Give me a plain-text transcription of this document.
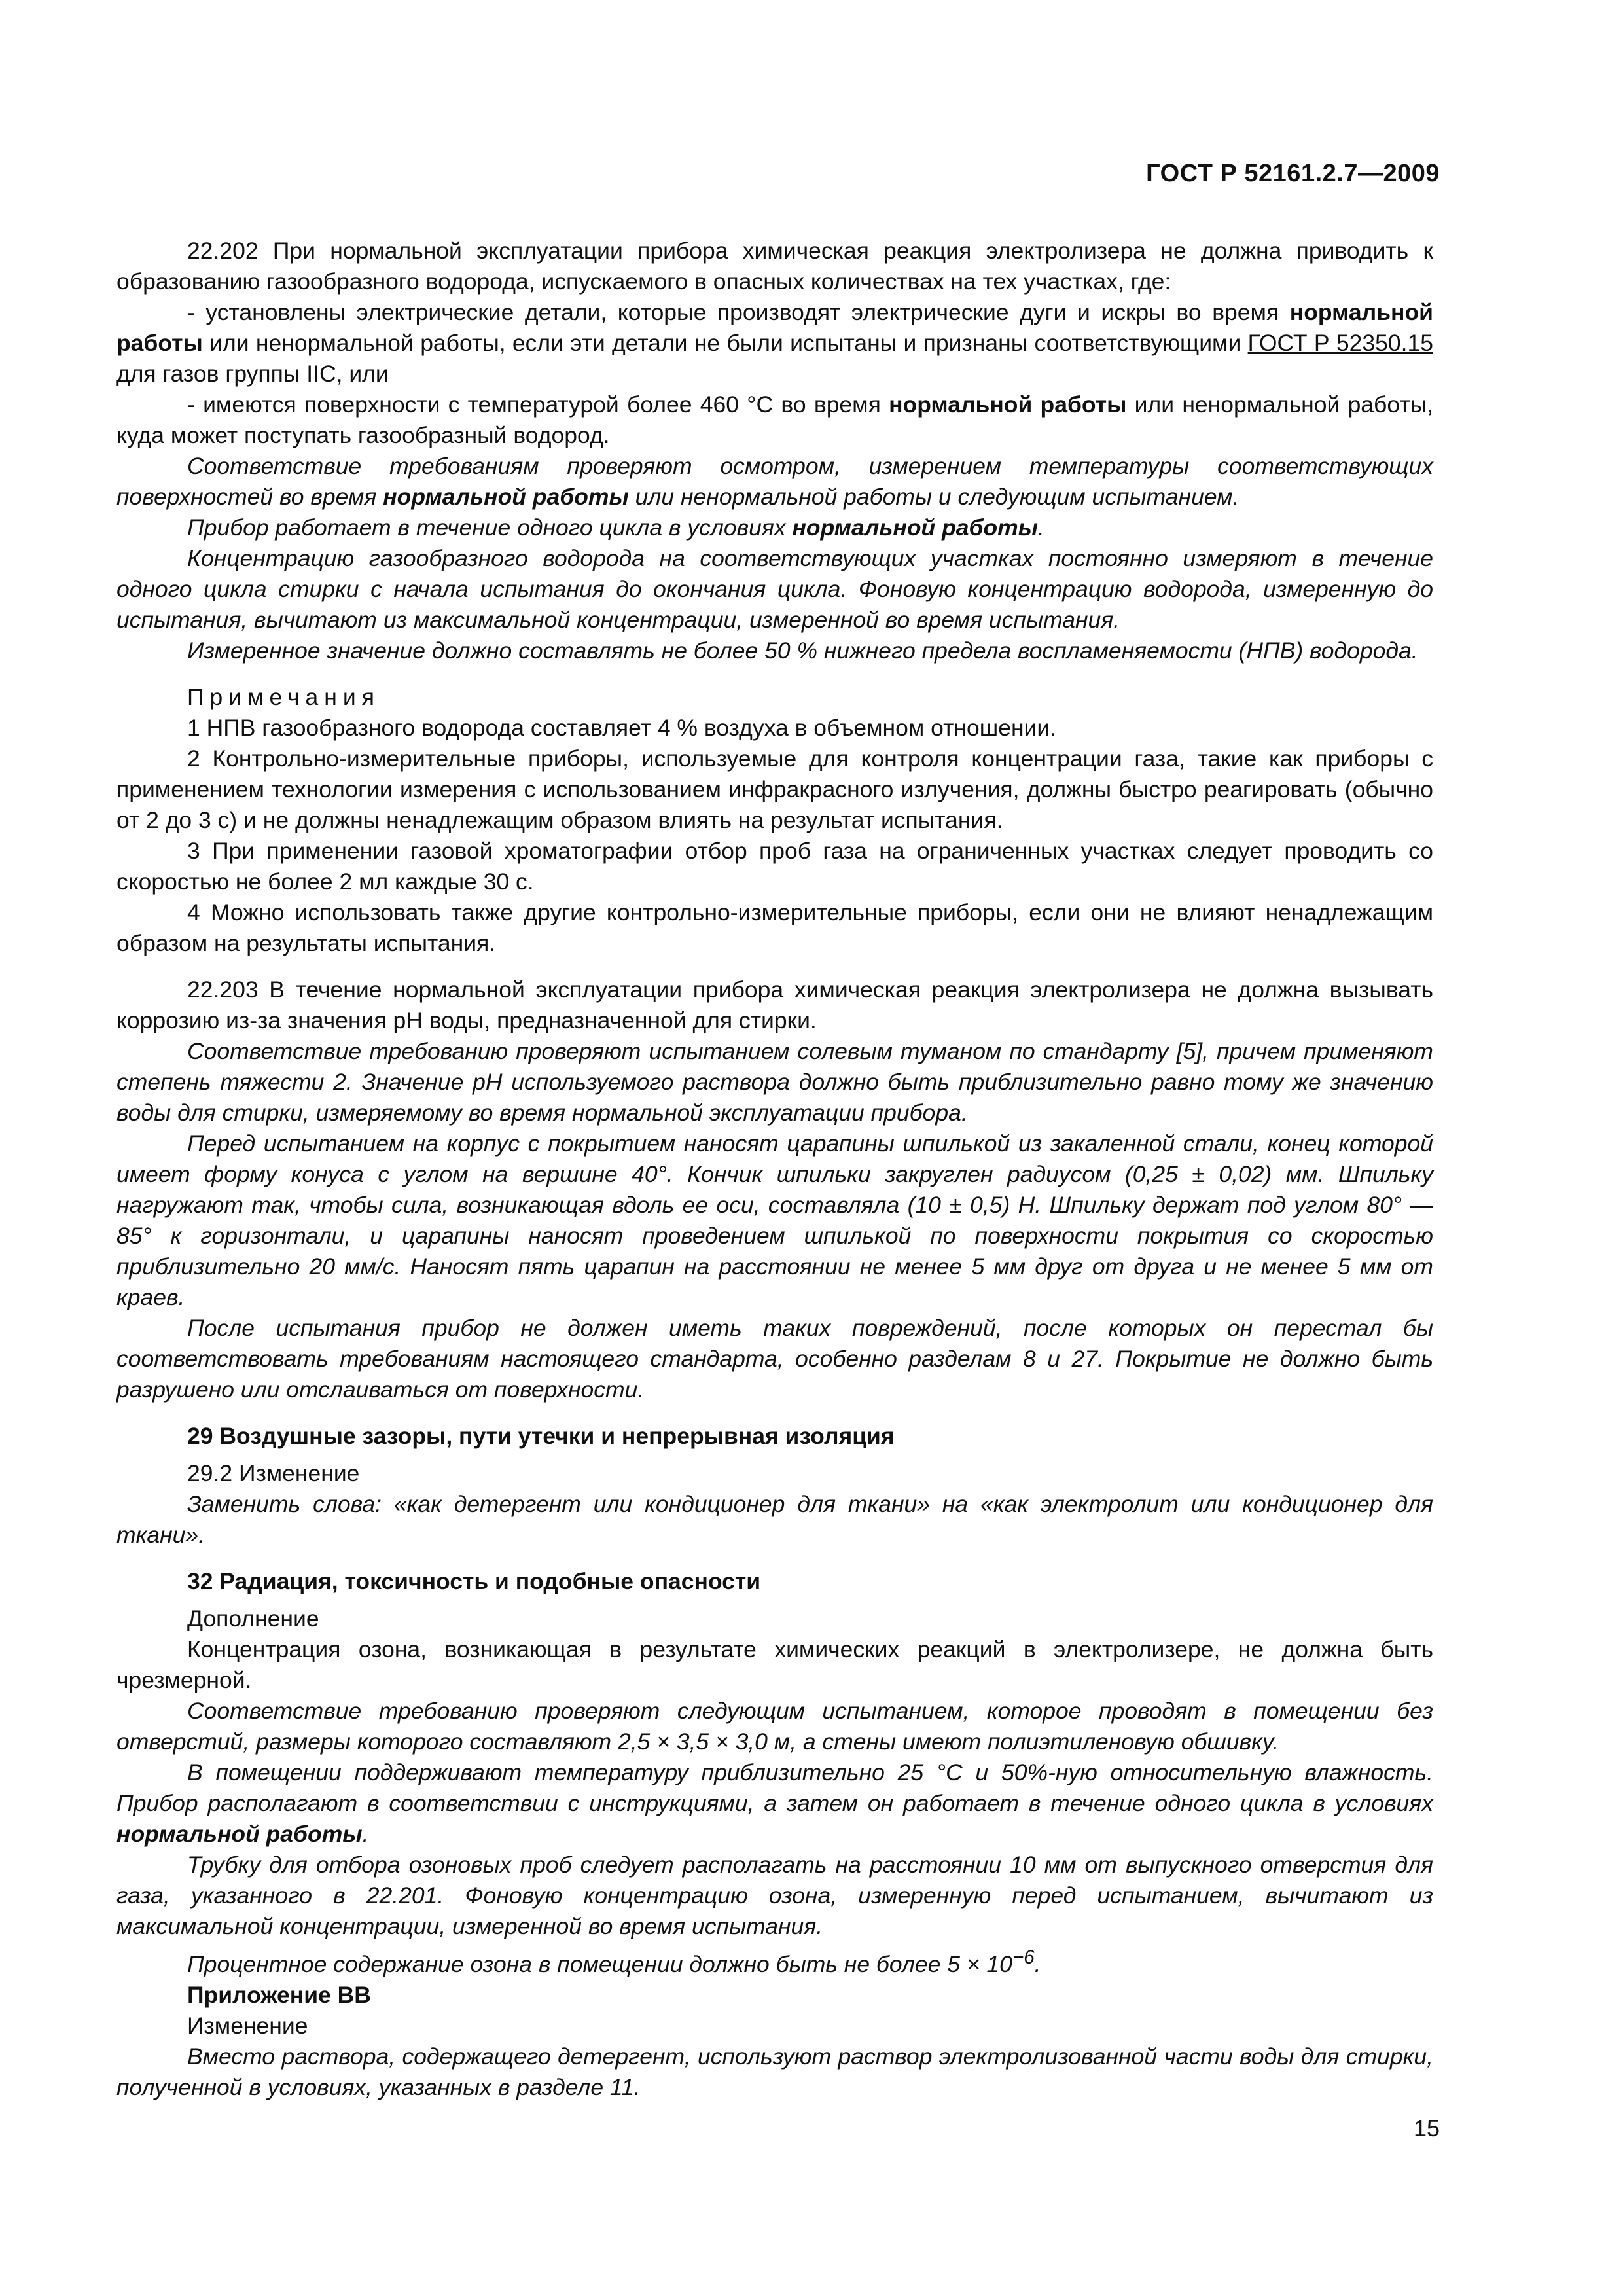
ГОСТ Р 52161.2.7—2009

22.202 При нормальной эксплуатации прибора химическая реакция электролизера не должна приводить к образованию газообразного водорода, испускаемого в опасных количествах на тех участках, где:

- установлены электрические детали, которые производят электрические дуги и искры во время нормальной работы или ненормальной работы, если эти детали не были испытаны и признаны соответствующими ГОСТ Р 52350.15 для газов группы IIC, или

- имеются поверхности с температурой более 460 °C во время нормальной работы или ненормальной работы, куда может поступать газообразный водород.

Соответствие требованиям проверяют осмотром, измерением температуры соответствующих поверхностей во время нормальной работы или ненормальной работы и следующим испытанием.

Прибор работает в течение одного цикла в условиях нормальной работы.

Концентрацию газообразного водорода на соответствующих участках постоянно измеряют в течение одного цикла стирки с начала испытания до окончания цикла. Фоновую концентрацию водорода, измеренную до испытания, вычитают из максимальной концентрации, измеренной во время испытания.

Измеренное значение должно составлять не более 50 % нижнего предела воспламеняемости (НПВ) водорода.

Примечания

1 НПВ газообразного водорода составляет 4 % воздуха в объемном отношении.

2 Контрольно-измерительные приборы, используемые для контроля концентрации газа, такие как приборы с применением технологии измерения с использованием инфракрасного излучения, должны быстро реагировать (обычно от 2 до 3 с) и не должны ненадлежащим образом влиять на результат испытания.

3 При применении газовой хроматографии отбор проб газа на ограниченных участках следует проводить со скоростью не более 2 мл каждые 30 с.

4 Можно использовать также другие контрольно-измерительные приборы, если они не влияют ненадлежащим образом на результаты испытания.

22.203 В течение нормальной эксплуатации прибора химическая реакция электролизера не должна вызывать коррозию из-за значения pH воды, предназначенной для стирки.

Соответствие требованию проверяют испытанием солевым туманом по стандарту [5], причем применяют степень тяжести 2. Значение pH используемого раствора должно быть приблизительно равно тому же значению воды для стирки, измеряемому во время нормальной эксплуатации прибора.

Перед испытанием на корпус с покрытием наносят царапины шпилькой из закаленной стали, конец которой имеет форму конуса с углом на вершине 40°. Кончик шпильки закруглен радиусом (0,25 ± 0,02) мм. Шпильку нагружают так, чтобы сила, возникающая вдоль ее оси, составляла (10 ± 0,5) Н. Шпильку держат под углом 80° — 85° к горизонтали, и царапины наносят проведением шпилькой по поверхности покрытия со скоростью приблизительно 20 мм/с. Наносят пять царапин на расстоянии не менее 5 мм друг от друга и не менее 5 мм от краев.

После испытания прибор не должен иметь таких повреждений, после которых он перестал бы соответствовать требованиям настоящего стандарта, особенно разделам 8 и 27. Покрытие не должно быть разрушено или отслаиваться от поверхности.

29 Воздушные зазоры, пути утечки и непрерывная изоляция

29.2 Изменение

Заменить слова: «как детергент или кондиционер для ткани» на «как электролит или кондиционер для ткани».

32 Радиация, токсичность и подобные опасности

Дополнение

Концентрация озона, возникающая в результате химических реакций в электролизере, не должна быть чрезмерной.

Соответствие требованию проверяют следующим испытанием, которое проводят в помещении без отверстий, размеры которого составляют 2,5 × 3,5 × 3,0 м, а стены имеют полиэтиленовую обшивку.

В помещении поддерживают температуру приблизительно 25 °C и 50%-ную относительную влажность. Прибор располагают в соответствии с инструкциями, а затем он работает в течение одного цикла в условиях нормальной работы.

Трубку для отбора озоновых проб следует располагать на расстоянии 10 мм от выпускного отверстия для газа, указанного в 22.201. Фоновую концентрацию озона, измеренную перед испытанием, вычитают из максимальной концентрации, измеренной во время испытания.

Процентное содержание озона в помещении должно быть не более $5 \times 10^{-6}$.

Приложение ВВ

Изменение

Вместо раствора, содержащего детергент, используют раствор электролизованной части воды для стирки, полученной в условиях, указанных в разделе 11.

15
